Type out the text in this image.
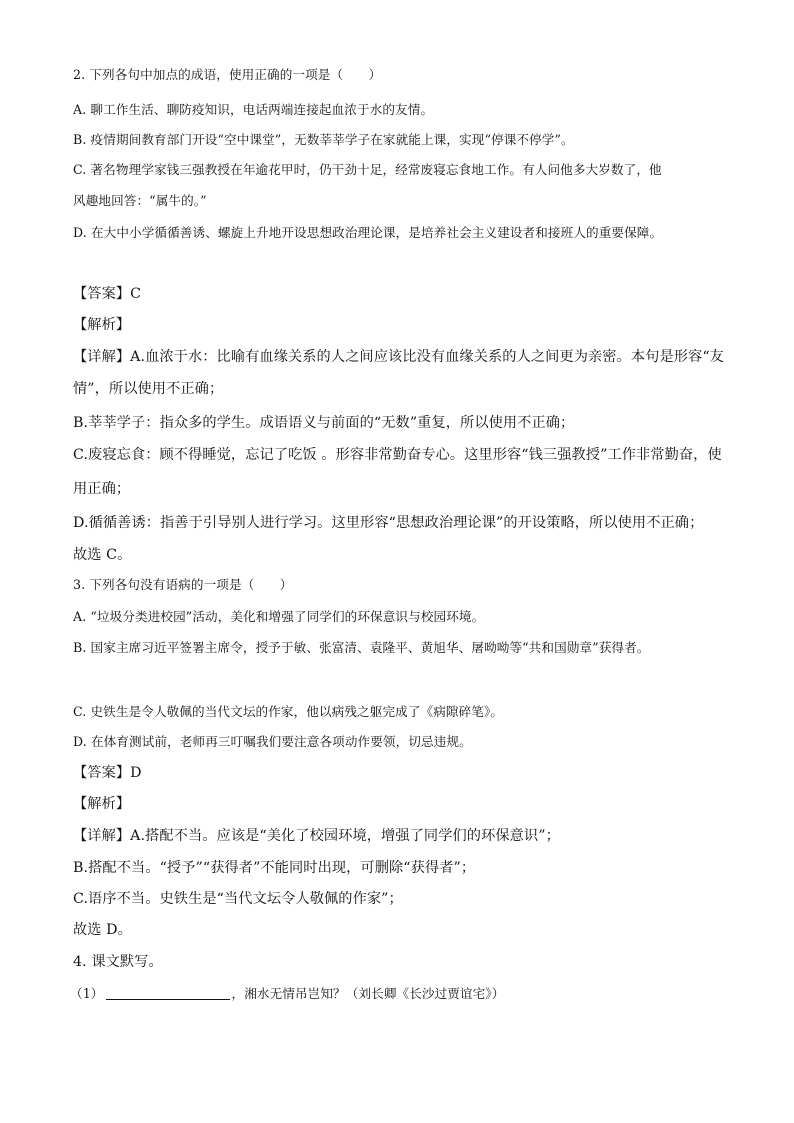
2. 下列各句中加点的成语，使用正确的一项是（　　）
A. 聊工作生活、聊防疫知识，电话两端连接起血浓于水的友情。
B. 疫情期间教育部门开设“空中课堂”，无数莘莘学子在家就能上课，实现“停课不停学”。
C. 著名物理学家钱三强教授在年逾花甲时，仍干劲十足，经常废寝忘食地工作。有人问他多大岁数了，他
风趣地回答：“属牛的。”
D. 在大中小学循循善诱、螺旋上升地开设思想政治理论课，是培养社会主义建设者和接班人的重要保障。
【答案】C
【解析】
【详解】A.血浓于水：比喻有血缘关系的人之间应该比没有血缘关系的人之间更为亲密。本句是形容“友
情”，所以使用不正确；
B.莘莘学子：指众多的学生。成语语义与前面的“无数”重复，所以使用不正确；
C.废寝忘食：顾不得睡觉，忘记了吃饭 。形容非常勤奋专心。这里形容“钱三强教授”工作非常勤奋，使
用正确；
D.循循善诱：指善于引导别人进行学习。这里形容“思想政治理论课”的开设策略，所以使用不正确；
故选 C。
3. 下列各句没有语病的一项是（　　）
A. “垃圾分类进校园”活动，美化和增强了同学们的环保意识与校园环境。
B. 国家主席习近平签署主席令，授予于敏、张富清、袁隆平、黄旭华、屠呦呦等“共和国勋章”获得者。
C. 史铁生是令人敬佩的当代文坛的作家，他以病残之躯完成了《病隙碎笔》。
D. 在体育测试前，老师再三叮嘱我们要注意各项动作要领，切忌违规。
【答案】D
【解析】
【详解】A.搭配不当。应该是“美化了校园环境，增强了同学们的环保意识”；
B.搭配不当。“授予”“获得者”不能同时出现，可删除“获得者”；
C.语序不当。史铁生是“当代文坛令人敬佩的作家”；
故选 D。
4. 课文默写。
（1）	，湘水无情吊岂知？（刘长卿《长沙过贾谊宅》）
